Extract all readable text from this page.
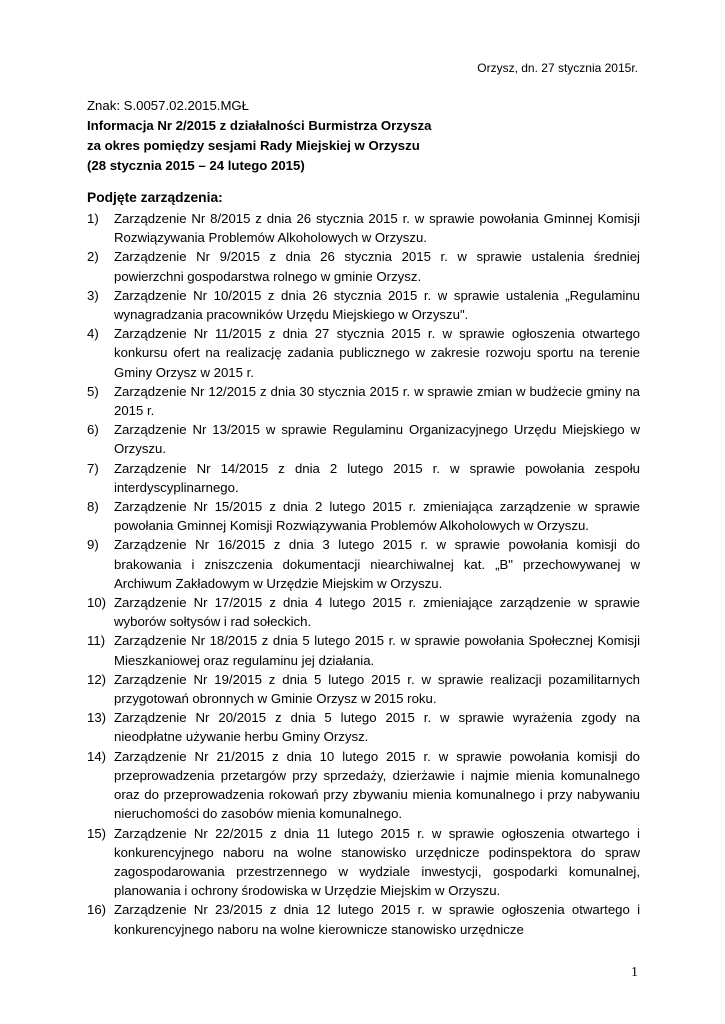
Orzysz, dn. 27 stycznia 2015r.
Znak: S.0057.02.2015.MGŁ
Informacja Nr 2/2015 z działalności Burmistrza Orzysza
za okres pomiędzy sesjami Rady Miejskiej w Orzyszu
(28 stycznia 2015 – 24 lutego 2015)
Podjęte zarządzenia:
1) Zarządzenie Nr 8/2015 z dnia 26 stycznia 2015 r. w sprawie powołania Gminnej Komisji Rozwiązywania Problemów Alkoholowych w Orzyszu.
2) Zarządzenie Nr 9/2015 z dnia 26 stycznia 2015 r. w sprawie ustalenia średniej powierzchni gospodarstwa rolnego w gminie Orzysz.
3) Zarządzenie Nr 10/2015 z dnia 26 stycznia 2015 r. w sprawie ustalenia „Regulaminu wynagradzania pracowników Urzędu Miejskiego w Orzyszu".
4) Zarządzenie Nr 11/2015 z dnia 27 stycznia 2015 r. w sprawie ogłoszenia otwartego konkursu ofert na realizację zadania publicznego w zakresie rozwoju sportu na terenie Gminy Orzysz w 2015 r.
5) Zarządzenie Nr 12/2015 z dnia 30 stycznia 2015 r. w sprawie zmian w budżecie gminy na 2015 r.
6) Zarządzenie Nr 13/2015 w sprawie Regulaminu Organizacyjnego Urzędu Miejskiego w Orzyszu.
7) Zarządzenie Nr 14/2015 z dnia 2 lutego 2015 r. w sprawie powołania zespołu interdyscyplinarnego.
8) Zarządzenie Nr 15/2015 z dnia 2 lutego 2015 r. zmieniająca zarządzenie w sprawie powołania Gminnej Komisji Rozwiązywania Problemów Alkoholowych w Orzyszu.
9) Zarządzenie Nr 16/2015 z dnia 3 lutego 2015 r. w sprawie powołania komisji do brakowania i zniszczenia dokumentacji niearchiwalnej kat. „B" przechowywanej w Archiwum Zakładowym w Urzędzie Miejskim w Orzyszu.
10) Zarządzenie Nr 17/2015 z dnia 4 lutego 2015 r. zmieniające zarządzenie w sprawie wyborów sołtysów i rad sołeckich.
11) Zarządzenie Nr 18/2015 z dnia 5 lutego 2015 r. w sprawie powołania Społecznej Komisji Mieszkaniowej oraz regulaminu jej działania.
12) Zarządzenie Nr 19/2015 z dnia 5 lutego 2015 r. w sprawie realizacji pozamilitarnych przygotowań obronnych w Gminie Orzysz w 2015 roku.
13) Zarządzenie Nr 20/2015 z dnia 5 lutego 2015 r. w sprawie wyrażenia zgody na nieodpłatne używanie herbu Gminy Orzysz.
14) Zarządzenie Nr 21/2015 z dnia 10 lutego 2015 r. w sprawie powołania komisji do przeprowadzenia przetargów przy sprzedaży, dzierżawie i najmie mienia komunalnego oraz do przeprowadzenia rokowań przy zbywaniu mienia komunalnego i przy nabywaniu nieruchomości do zasobów mienia komunalnego.
15) Zarządzenie Nr 22/2015 z dnia 11 lutego 2015 r. w sprawie ogłoszenia otwartego i konkurencyjnego naboru na wolne stanowisko urzędnicze podinspektora do spraw zagospodarowania przestrzennego w wydziale inwestycji, gospodarki komunalnej, planowania i ochrony środowiska w Urzędzie Miejskim w Orzyszu.
16) Zarządzenie Nr 23/2015 z dnia 12 lutego 2015 r. w sprawie ogłoszenia otwartego i konkurencyjnego naboru na wolne kierownicze stanowisko urzędnicze
1
